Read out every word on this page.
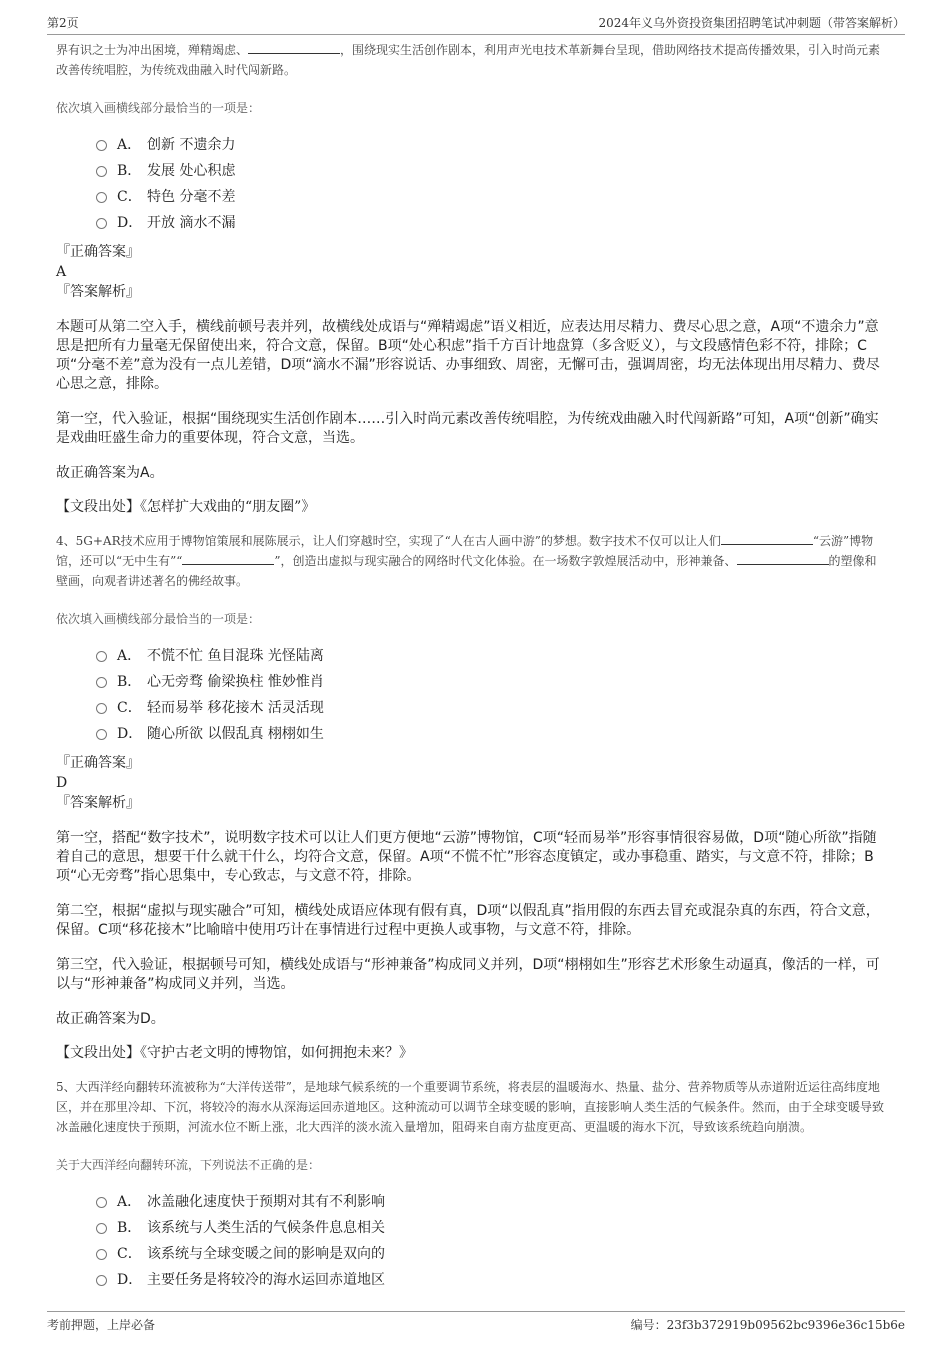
第2页	2024年义乌外资投资集团招聘笔试冲刺题（带答案解析）

界有识之士为冲出困境，殚精竭虑、	，围绕现实生活创作剧本，利用声光电技术革新舞台呈现，借助网络技术提高传播效果，引入时尚元素改善传统唱腔，为传统戏曲融入时代闯新路。

依次填入画横线部分最恰当的一项是：

A． 创新 不遗余力
B． 发展 处心积虑
C． 特色 分毫不差
D． 开放 滴水不漏
『正确答案』
A
『答案解析』

本题可从第二空入手，横线前顿号表并列，故横线处成语与“殚精竭虑”语义相近，应表达用尽精力、费尽心思之意，A项“不遗余力”意思是把所有力量毫无保留使出来，符合文意，保留。B项“处心积虑”指千方百计地盘算（多含贬义），与文段感情色彩不符，排除；C项“分毫不差”意为没有一点儿差错，D项“滴水不漏”形容说话、办事细致、周密，无懈可击，强调周密，均无法体现出用尽精力、费尽心思之意，排除。

第一空，代入验证，根据“围绕现实生活创作剧本……引入时尚元素改善传统唱腔，为传统戏曲融入时代闯新路”可知，A项“创新”确实是戏曲旺盛生命力的重要体现，符合文意，当选。

故正确答案为A。

【文段出处】《怎样扩大戏曲的“朋友圈”》

4、5G+AR技术应用于博物馆策展和展陈展示，让人们穿越时空，实现了“人在古人画中游”的梦想。数字技术不仅可以让人们	“云游”博物馆，还可以“无中生有”“	”，创造出虚拟与现实融合的网络时代文化体验。在一场数字敦煌展活动中，形神兼备、	的塑像和壁画，向观者讲述著名的佛经故事。

依次填入画横线部分最恰当的一项是：

A． 不慌不忙 鱼目混珠 光怪陆离
B． 心无旁骛 偷梁换柱 惟妙惟肖
C． 轻而易举 移花接木 活灵活现
D． 随心所欲 以假乱真 栩栩如生
『正确答案』
D
『答案解析』

第一空，搭配“数字技术”，说明数字技术可以让人们更方便地“云游”博物馆，C项“轻而易举”形容事情很容易做，D项“随心所欲”指随着自己的意思，想要干什么就干什么，均符合文意，保留。A项“不慌不忙”形容态度镇定，或办事稳重、踏实，与文意不符，排除；B项“心无旁骛”指心思集中，专心致志，与文意不符，排除。

第二空，根据“虚拟与现实融合”可知，横线处成语应体现有假有真，D项“以假乱真”指用假的东西去冒充或混杂真的东西，符合文意，保留。C项“移花接木”比喻暗中使用巧计在事情进行过程中更换人或事物，与文意不符，排除。

第三空，代入验证，根据顿号可知，横线处成语与“形神兼备”构成同义并列，D项“栩栩如生”形容艺术形象生动逼真，像活的一样，可以与“形神兼备”构成同义并列，当选。

故正确答案为D。

【文段出处】《守护古老文明的博物馆，如何拥抱未来？》

5、大西洋经向翻转环流被称为“大洋传送带”，是地球气候系统的一个重要调节系统，将表层的温暖海水、热量、盐分、营养物质等从赤道附近运往高纬度地区，并在那里冷却、下沉，将较冷的海水从深海运回赤道地区。这种流动可以调节全球变暖的影响，直接影响人类生活的气候条件。然而，由于全球变暖导致冰盖融化速度快于预期，河流水位不断上涨，北大西洋的淡水流入量增加，阻碍来自南方盐度更高、更温暖的海水下沉，导致该系统趋向崩溃。

关于大西洋经向翻转环流，下列说法不正确的是：

A． 冰盖融化速度快于预期对其有不利影响
B． 该系统与人类生活的气候条件息息相关
C． 该系统与全球变暖之间的影响是双向的
D． 主要任务是将较冷的海水运回赤道地区
考前押题，上岸必备	编号：23f3b372919b09562bc9396e36c15b6e
